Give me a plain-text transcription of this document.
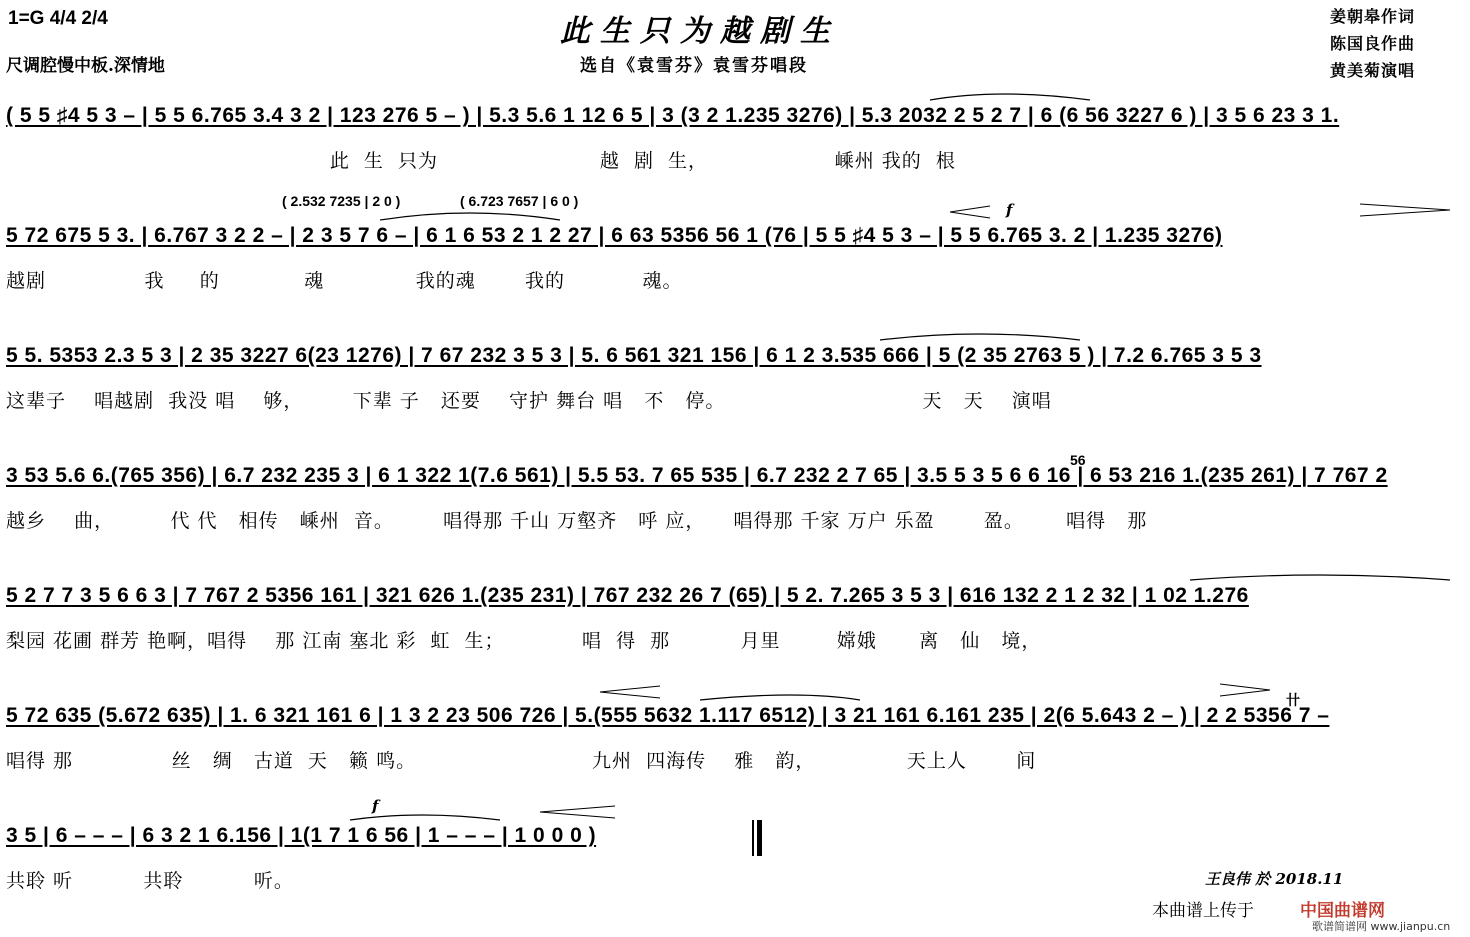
1=G 4/4 2/4
尺调腔慢中板.深情地
此生只为越剧生
选自《袁雪芬》袁雪芬唱段
姜朝皋作词
陈国良作曲
黄美菊演唱
( 2.532 7235 | 2 0 )	( 6.723 7657 | 6 0 )
56
f
f
卄
( 5 5 ♯4 5 3 – | 5 5 6.765 3.4 3 2 | 123 276 5 – ) | 5.3 5.6 1 12 6 5 | 3 (3 2 1.235 3276) | 5.3 2032 2 5 2 7 | 6 (6 56 3227 6 ) | 3 5 6 23 3 1.
此  生  只为                       越  剧  生，                  嵊州 我的  根
5 72 675 5 3. | 6.767 3 2 2 – | 2 3 5 7 6 – | 6 1 6 53 2 1 2 27 | 6 63 5356 56 1 (76 | 5 5 ♯4 5 3 – | 5 5 6.765 3. 2 | 1.235 3276)
越剧              我     的            魂             我的魂       我的           魂。
5 5. 5353 2.3 5 3 | 2 35 3227 6(23 1276) | 7 67 232 3 5 3 | 5. 6 561 321 156 | 6 1 2 3.535 666 | 5 (2 35 2763 5 ) | 7.2 6.765 3 5 3
这辈子    唱越剧  我没 唱    够，       下辈 子   还要    守护 舞台 唱   不   停。                            天   天    演唱
3 53 5.6 6.(765 356) | 6.7 232 235 3 | 6 1 322 1(7.6 561) | 5.5 53. 7 65 535 | 6.7 232 2 7 65 | 3.5 5 3 5 6 6 16 | 6 53 216 1.(235 261) | 7 767 2
越乡    曲，        代 代   相传   嵊州  音。       唱得那 千山 万壑齐   呼 应，    唱得那 千家 万户 乐盈       盈。      唱得   那
5 2 7 7 3 5 6 6 3 | 7 767 2 5356 161 | 321 626 1.(235 231) | 767 232 26 7 (65) | 5 2. 7.265 3 5 3 | 616 132 2 1 2 32 | 1 02 1.276
梨园 花圃 群芳 艳啊，唱得    那 江南 塞北 彩  虹  生；           唱  得  那          月里        嫦娥      离   仙   境，
5 72 635 (5.672 635) | 1. 6 321 161 6 | 1 3 2 23 506 726 | 5.(555 5632 1.117 6512) | 3 21 161 6.161 235 | 2(6 5.643 2 – ) | 2 2 5356 7 –
唱得 那              丝   绸   古道  天   籁 鸣。                         九州  四海传    雅   韵，             天上人       间
3 5 | 6 – – – | 6 3 2 1 6.156 | 1(1 7 1 6 56 | 1 – – – | 1 0 0 0 )
共聆 听          共聆          听。	王良伟 於 2018.11
本曲谱上传于	中国曲谱网
歌谱简谱网 www.jianpu.cn
